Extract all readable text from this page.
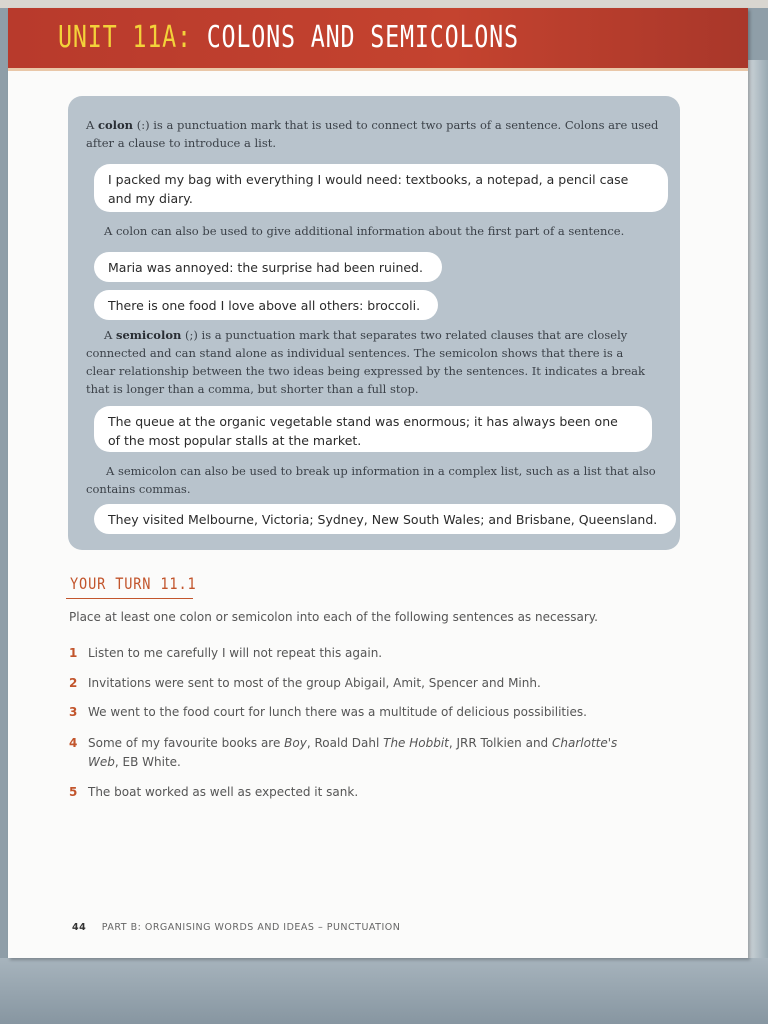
UNIT 11A: COLONS AND SEMICOLONS

A colon (:) is a punctuation mark that is used to connect two parts of a sentence. Colons are used
after a clause to introduce a list.

I packed my bag with everything I would need: textbooks, a notepad, a pencil case
and my diary.

A colon can also be used to give additional information about the first part of a sentence.

Maria was annoyed: the surprise had been ruined.
There is one food I love above all others: broccoli.

A semicolon (;) is a punctuation mark that separates two related clauses that are closely
connected and can stand alone as individual sentences. The semicolon shows that there is a
clear relationship between the two ideas being expressed by the sentences. It indicates a break
that is longer than a comma, but shorter than a full stop.

The queue at the organic vegetable stand was enormous; it has always been one
of the most popular stalls at the market.

A semicolon can also be used to break up information in a complex list, such as a list that also
contains commas.

They visited Melbourne, Victoria; Sydney, New South Wales; and Brisbane, Queensland.
YOUR TURN 11.1
Place at least one colon or semicolon into each of the following sentences as necessary.
1 Listen to me carefully I will not repeat this again.
2 Invitations were sent to most of the group Abigail, Amit, Spencer and Minh.
3 We went to the food court for lunch there was a multitude of delicious possibilities.
4 Some of my favourite books are Boy, Roald Dahl The Hobbit, JRR Tolkien and Charlotte's
Web, EB White.
5 The boat worked as well as expected it sank.
44 PART B: ORGANISING WORDS AND IDEAS – PUNCTUATION
